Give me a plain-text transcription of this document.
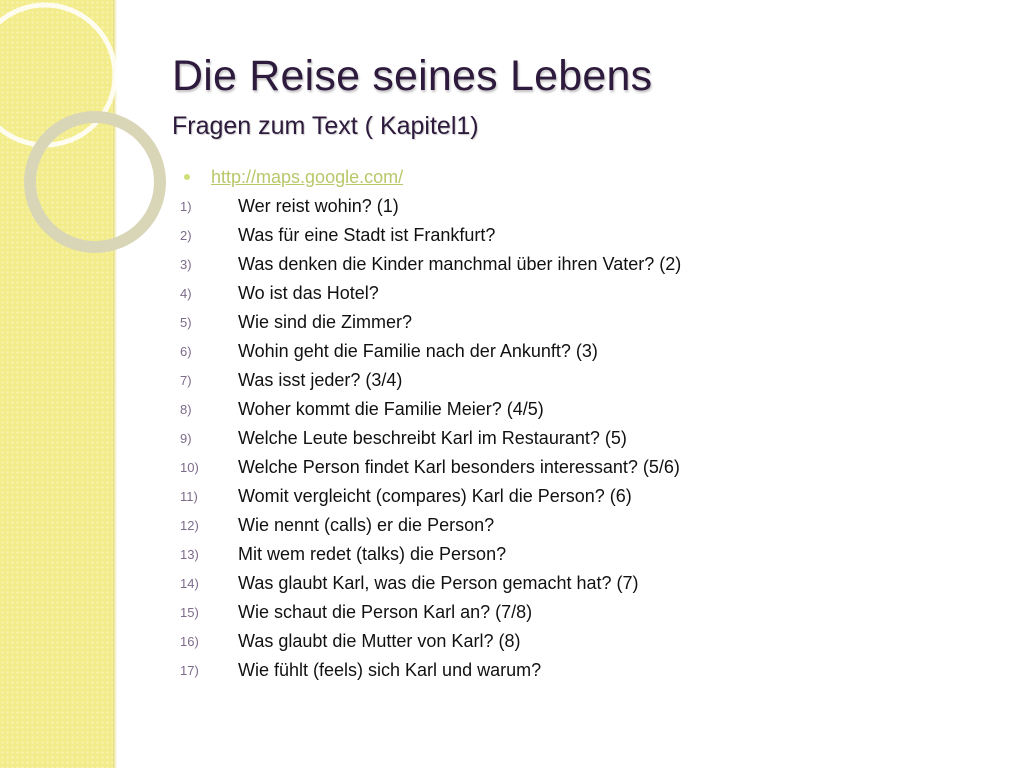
Die Reise seines Lebens
Fragen zum Text ( Kapitel1)
http://maps.google.com/
1)	Wer reist wohin? (1)
2)	Was für eine Stadt ist Frankfurt?
3)	Was denken die Kinder manchmal über ihren Vater? (2)
4)	Wo ist das Hotel?
5)	Wie sind die Zimmer?
6)	Wohin geht die Familie nach der Ankunft? (3)
7)	Was isst jeder? (3/4)
8)	Woher kommt die Familie Meier? (4/5)
9)	Welche Leute beschreibt Karl im Restaurant? (5)
10)	Welche Person findet Karl besonders interessant? (5/6)
11)	Womit vergleicht (compares) Karl die Person? (6)
12)	Wie nennt (calls) er die Person?
13)	Mit wem redet (talks) die Person?
14)	Was glaubt Karl, was die Person gemacht hat? (7)
15)	Wie schaut die Person Karl an? (7/8)
16)	Was glaubt die Mutter von Karl? (8)
17)	Wie fühlt (feels) sich Karl und warum?
